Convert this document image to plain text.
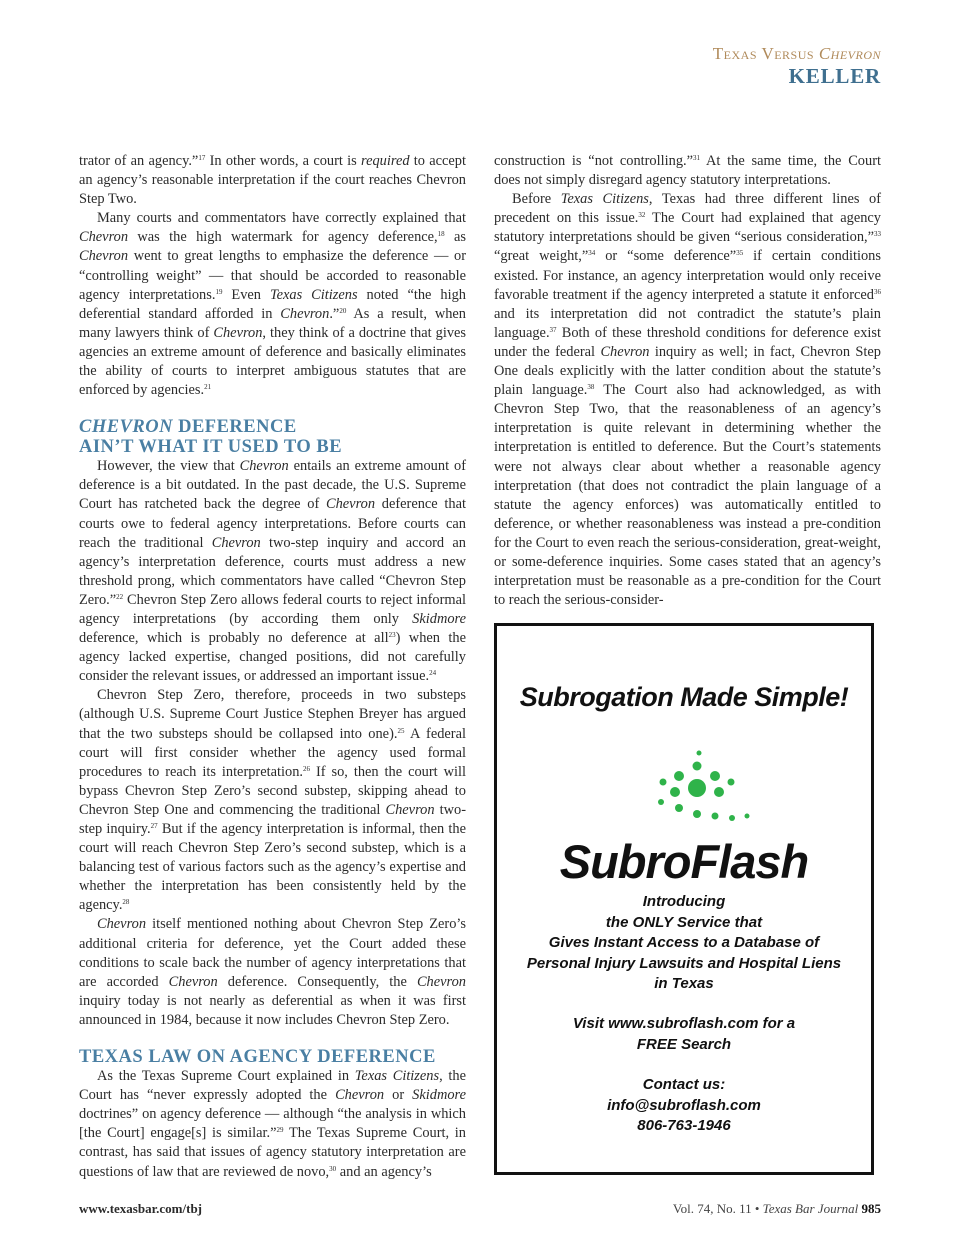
Texas Versus Chevron
KELLER

trator of an agency.”$^{17}$ In other words, a court is required to accept an agency’s reasonable interpretation if the court reaches Chevron Step Two.

Many courts and commentators have correctly explained that Chevron was the high watermark for agency deference,$^{18}$ as Chevron went to great lengths to emphasize the deference — or “controlling weight” — that should be accorded to reasonable agency interpretations.$^{19}$ Even Texas Citizens noted “the high deferential standard afforded in Chevron.”$^{20}$ As a result, when many lawyers think of Chevron, they think of a doctrine that gives agencies an extreme amount of deference and basically eliminates the ability of courts to interpret ambiguous statutes that are enforced by agencies.$^{21}$

CHEVRON DEFERENCE
AIN’T WHAT IT USED TO BE

However, the view that Chevron entails an extreme amount of deference is a bit outdated. In the past decade, the U.S. Supreme Court has ratcheted back the degree of Chevron deference that courts owe to federal agency interpretations. Before courts can reach the traditional Chevron two-step inquiry and accord an agency’s interpretation deference, courts must address a new threshold prong, which commentators have called “Chevron Step Zero.”$^{22}$ Chevron Step Zero allows federal courts to reject informal agency interpretations (by according them only Skidmore deference, which is probably no deference at all$^{23}$) when the agency lacked expertise, changed positions, did not carefully consider the relevant issues, or addressed an important issue.$^{24}$

Chevron Step Zero, therefore, proceeds in two substeps (although U.S. Supreme Court Justice Stephen Breyer has argued that the two substeps should be collapsed into one).$^{25}$ A federal court will first consider whether the agency used formal procedures to reach its interpretation.$^{26}$ If so, then the court will bypass Chevron Step Zero’s second substep, skipping ahead to Chevron Step One and commencing the traditional Chevron two-step inquiry.$^{27}$ But if the agency interpretation is informal, then the court will reach Chevron Step Zero’s second substep, which is a balancing test of various factors such as the agency’s expertise and whether the interpretation has been consistently held by the agency.$^{28}$

Chevron itself mentioned nothing about Chevron Step Zero’s additional criteria for deference, yet the Court added these conditions to scale back the number of agency interpretations that are accorded Chevron deference. Consequently, the Chevron inquiry today is not nearly as deferential as when it was first announced in 1984, because it now includes Chevron Step Zero.

TEXAS LAW ON AGENCY DEFERENCE

As the Texas Supreme Court explained in Texas Citizens, the Court has “never expressly adopted the Chevron or Skidmore doctrines” on agency deference — although “the analysis in which [the Court] engage[s] is similar.”$^{29}$ The Texas Supreme Court, in contrast, has said that issues of agency statutory interpretation are questions of law that are reviewed de novo,$^{30}$ and an agency’s

construction is “not controlling.”$^{31}$ At the same time, the Court does not simply disregard agency statutory interpretations.

Before Texas Citizens, Texas had three different lines of precedent on this issue.$^{32}$ The Court had explained that agency statutory interpretations should be given “serious consideration,”$^{33}$ “great weight,”$^{34}$ or “some deference”$^{35}$ if certain conditions existed. For instance, an agency interpretation would only receive favorable treatment if the agency interpreted a statute it enforced$^{36}$ and its interpretation did not contradict the statute’s plain language.$^{37}$ Both of these threshold conditions for deference exist under the federal Chevron inquiry as well; in fact, Chevron Step One deals explicitly with the latter condition about the statute’s plain language.$^{38}$ The Court also had acknowledged, as with Chevron Step Two, that the reasonableness of an agency’s interpretation is quite relevant in determining whether the interpretation is entitled to deference. But the Court’s statements were not always clear about whether a reasonable agency interpretation (that does not contradict the plain language of a statute the agency enforces) was automatically entitled to deference, or whether reasonableness was instead a pre-condition for the Court to even reach the serious-consideration, great-weight, or some-deference inquiries. Some cases stated that an agency’s interpretation must be reasonable as a pre-condition for the Court to reach the serious-consider-

Subrogation Made Simple!
SubroFlash
Introducing
the ONLY Service that
Gives Instant Access to a Database of
Personal Injury Lawsuits and Hospital Liens
in Texas
Visit www.subroflash.com for a
FREE Search
Contact us:
info@subroflash.com
806-763-1946
www.texasbar.com/tbj	Vol. 74, No. 11 • Texas Bar Journal 985
